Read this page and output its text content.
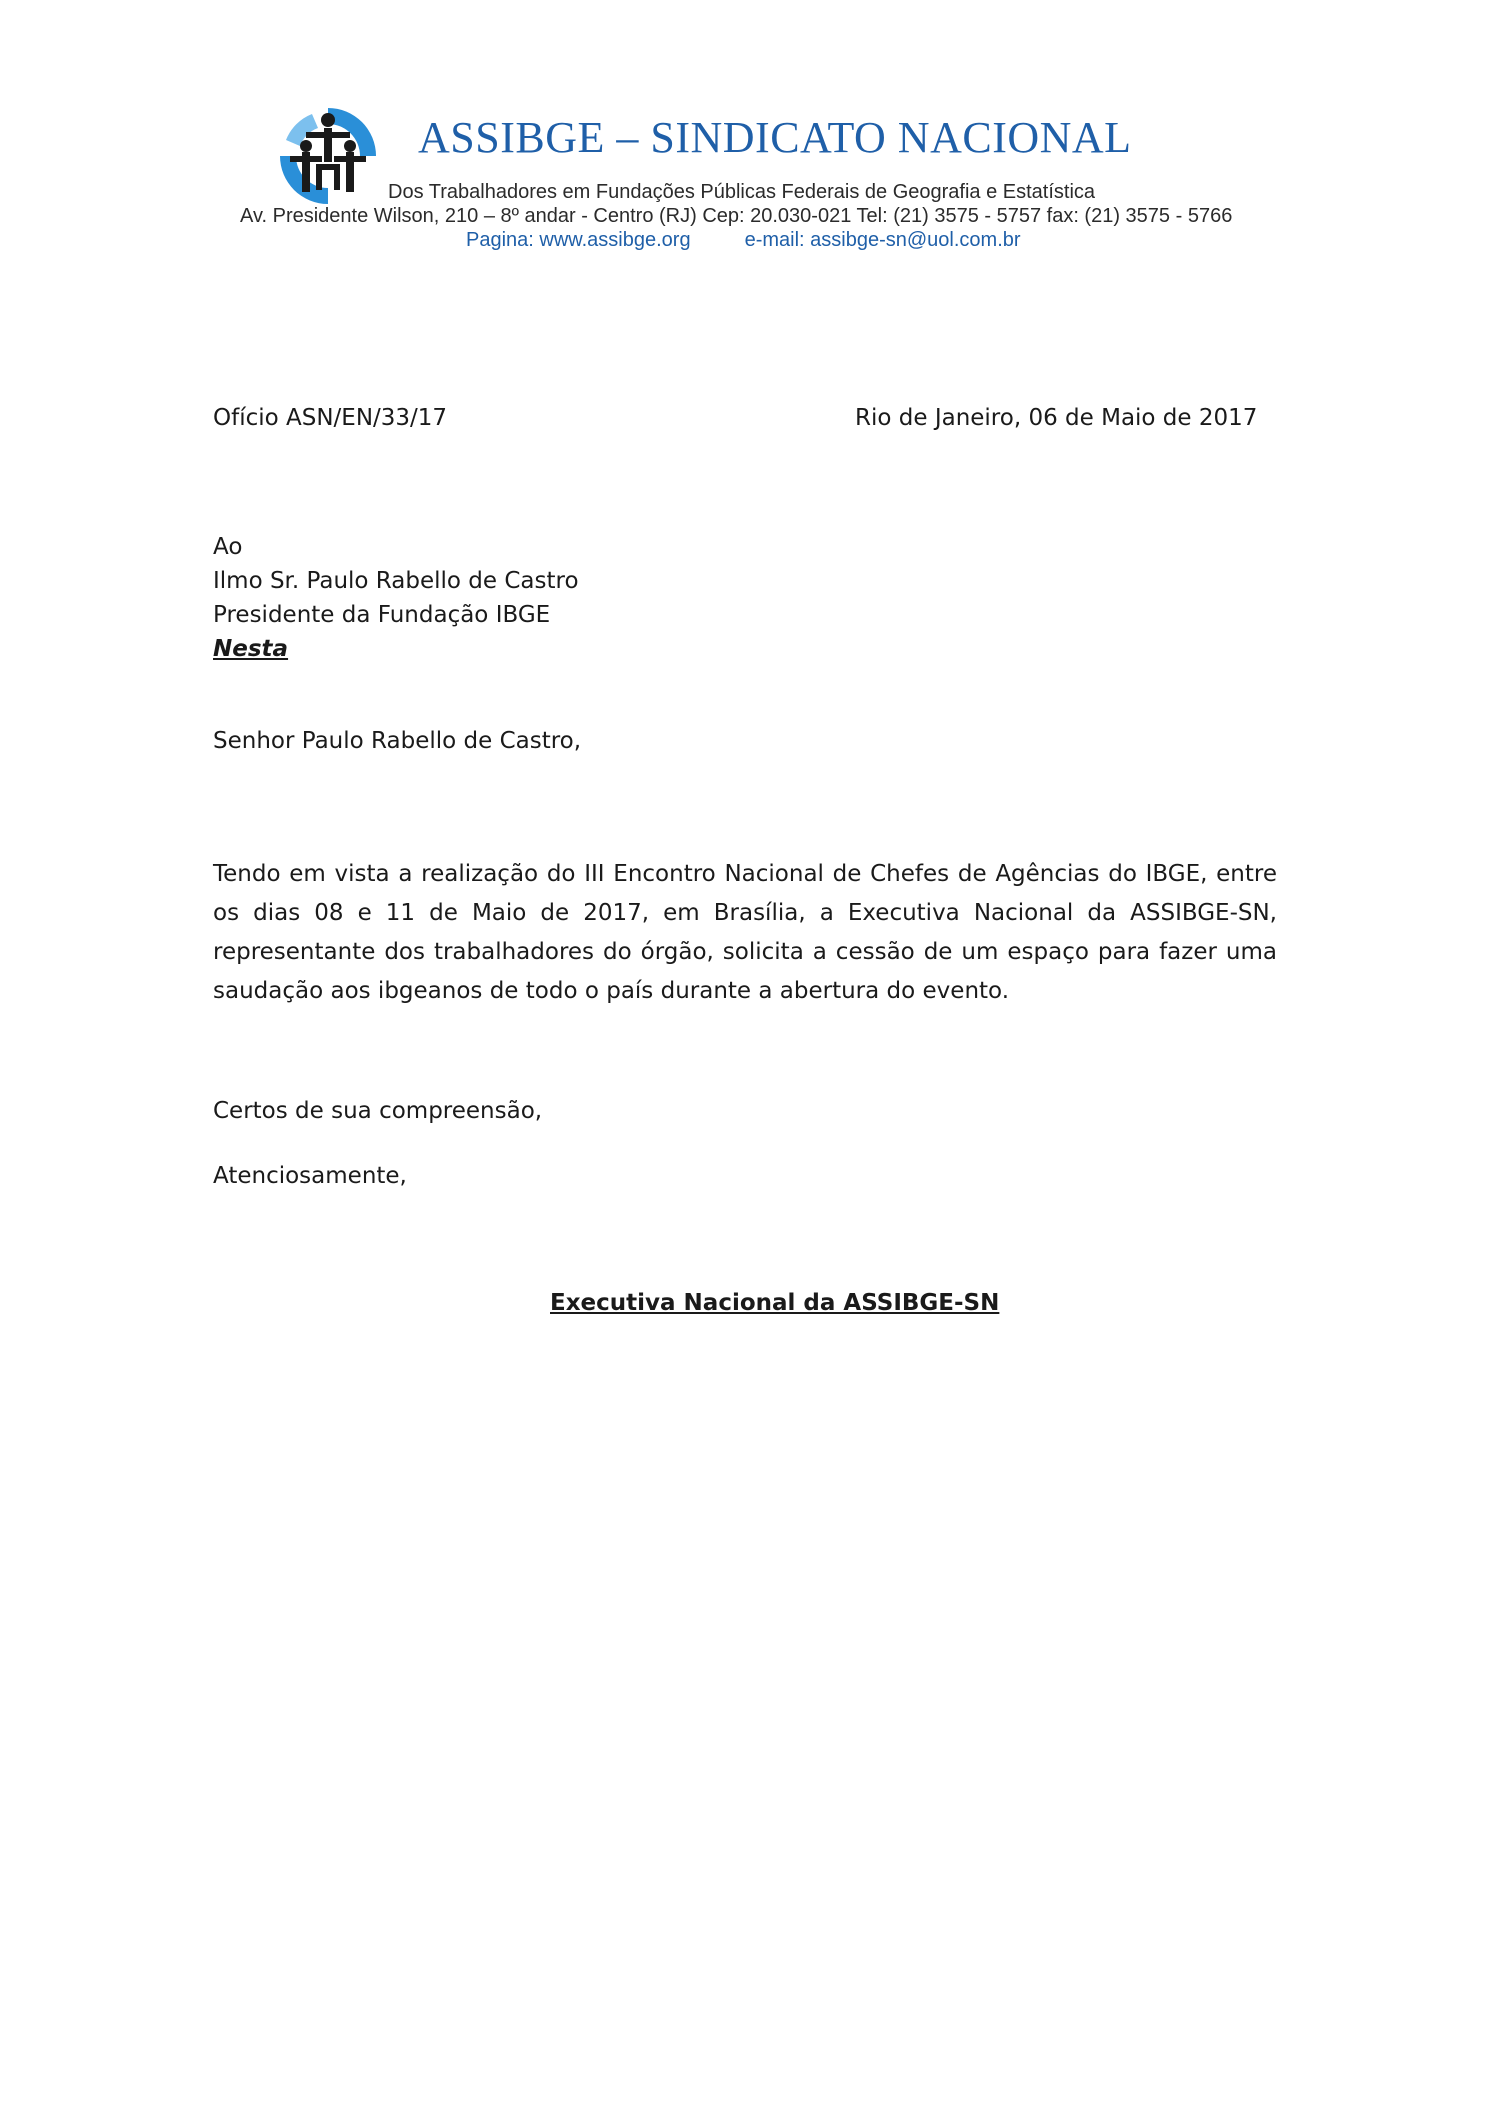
ASSIBGE – SINDICATO NACIONAL
Dos Trabalhadores em Fundações Públicas Federais de Geografia e Estatística
Av. Presidente Wilson, 210 – 8º andar - Centro (RJ) Cep: 20.030-021 Tel: (21) 3575 - 5757 fax: (21) 3575 - 5766
Pagina: www.assibge.org	e-mail: assibge-sn@uol.com.br
Ofício ASN/EN/33/17	Rio de Janeiro, 06 de Maio de 2017
Ao
Ilmo Sr. Paulo Rabello de Castro
Presidente da Fundação IBGE
Nesta
Senhor Paulo Rabello de Castro,

Tendo em vista a realização do III Encontro Nacional de Chefes de Agências do IBGE, entre os dias 08 e 11 de Maio de 2017, em Brasília, a Executiva Nacional da ASSIBGE-SN, representante dos trabalhadores do órgão, solicita a cessão de um espaço para fazer uma saudação aos ibgeanos de todo o país durante a abertura do evento.

Certos de sua compreensão,
Atenciosamente,
Executiva Nacional da ASSIBGE-SN
